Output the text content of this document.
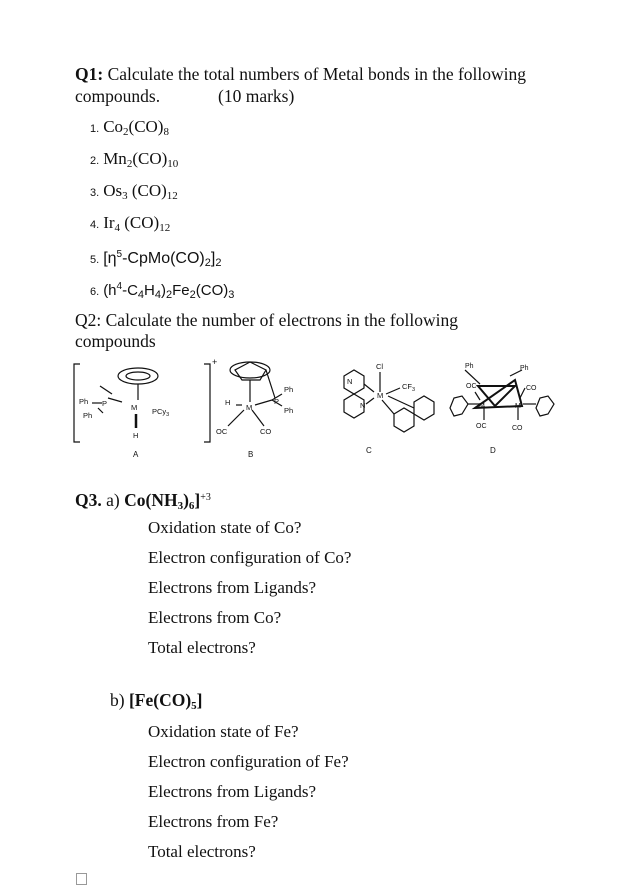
Q1: Calculate the total numbers of Metal bonds in the following
compounds.	(10 marks)
1. $Co_2(CO)_8$
2. $Mn_2(CO)_{10}$
3. $Os_3$ $(CO)_{12}$
4. $Ir_4$ $(CO)_{12}$
5. $[\eta^5-CpMo(CO)_2]_2$
6. $(h^4-C_4H_4)_2Fe_2(CO)_3$
Q2: Calculate the number of electrons in the following
compounds
+
Ph
Ph
P	M PCy$_3$
H
A
H
M
P
Ph
Ph
OC	CO
B
Cl
$CF_3$
N
N
M
C
Ph	Ph
OC	CO
M	M
OC	CO
D
Q3. a) $Co(NH_3)_6]^{+3}$
Oxidation state of Co?
Electron configuration of Co?
Electrons from Ligands?
Electrons from Co?
Total electrons?
b) $[Fe(CO)_5]$
Oxidation state of Fe?
Electron configuration of Fe?
Electrons from Ligands?
Electrons from Fe?
Total electrons?
